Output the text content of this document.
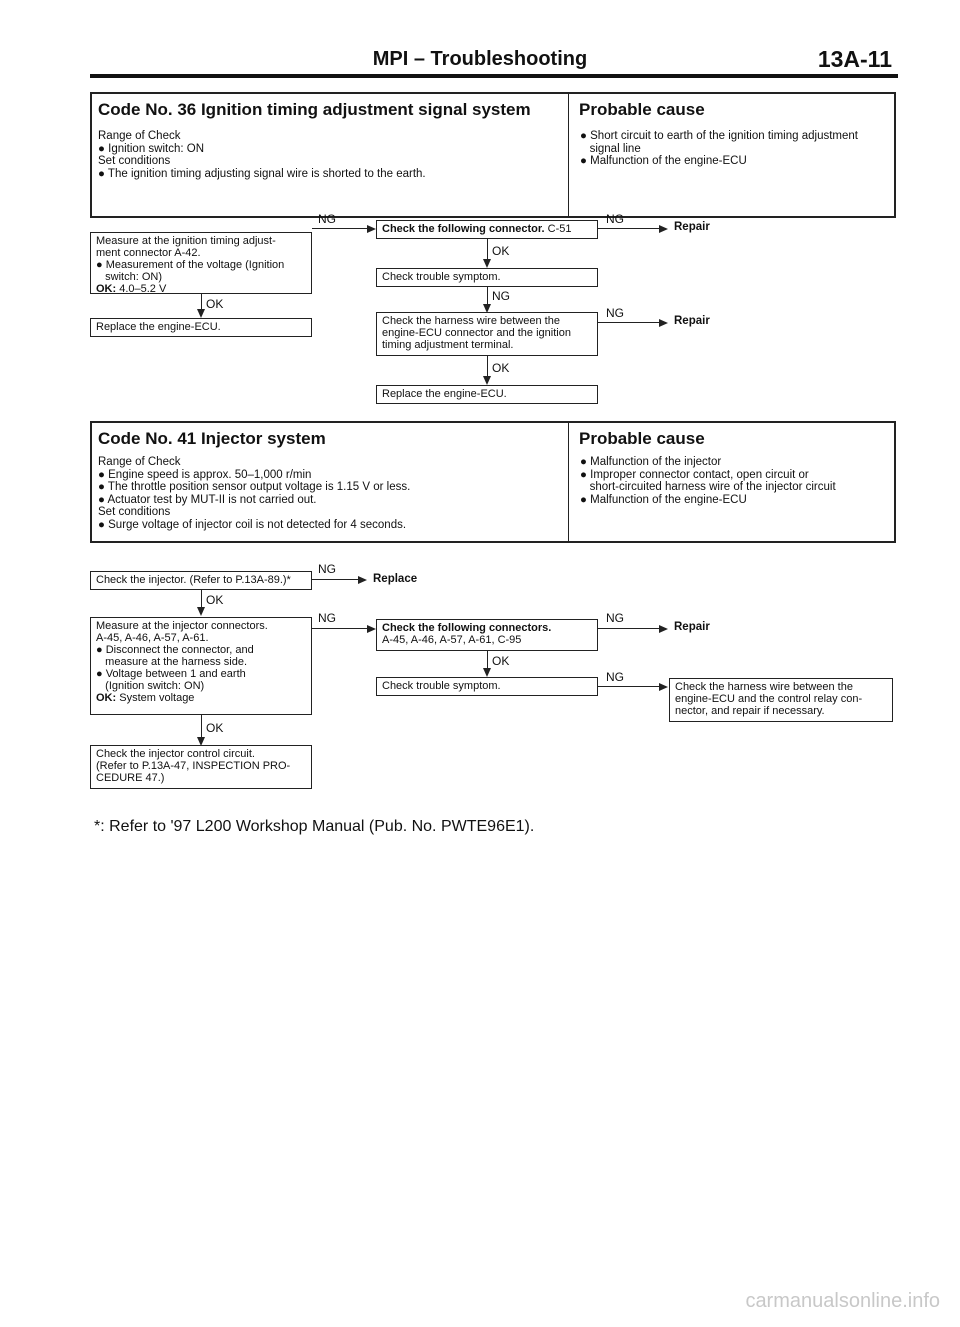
MPI – Troubleshooting	13A-11
Code No. 36 Ignition timing adjustment signal system	Probable cause

Range of Check

● Ignition switch: ON

Set conditions

● The ignition timing adjusting signal wire is shorted to the earth.

● Short circuit to earth of the ignition timing adjustment

signal line

● Malfunction of the engine-ECU

Measure at the ignition timing adjust-

ment connector A-42.

● Measurement of the voltage (Ignition

switch: ON)

OK: 4.0–5.2 V

NG
OK
Replace the engine-ECU.
Check the following connector. C-51
NG
Repair
OK
Check trouble symptom.
NG

Check the harness wire between the

engine-ECU connector and the ignition

timing adjustment terminal.

NG
Repair
OK
Replace the engine-ECU.
Code No. 41 Injector system	Probable cause

Range of Check

● Engine speed is approx. 50–1,000 r/min

● The throttle position sensor output voltage is 1.15 V or less.

● Actuator test by MUT-II is not carried out.

Set conditions

● Surge voltage of injector coil is not detected for 4 seconds.

● Malfunction of the injector

● Improper connector contact, open circuit or

short-circuited harness wire of the injector circuit

● Malfunction of the engine-ECU

Check the injector. (Refer to P.13A-89.)*
NG
Replace
OK

Measure at the injector connectors.

A-45, A-46, A-57, A-61.

● Disconnect the connector, and

measure at the harness side.

● Voltage between 1 and earth

(Ignition switch: ON)

OK: System voltage

NG
OK

Check the injector control circuit.

(Refer to P.13A-47, INSPECTION PRO-

CEDURE 47.)

Check the following connectors.

A-45, A-46, A-57, A-61, C-95

NG
Repair
OK
Check trouble symptom.
NG

Check the harness wire between the

engine-ECU and the control relay con-

nector, and repair if necessary.

*: Refer to '97 L200 Workshop Manual (Pub. No. PWTE96E1).
carmanualsonline.info
